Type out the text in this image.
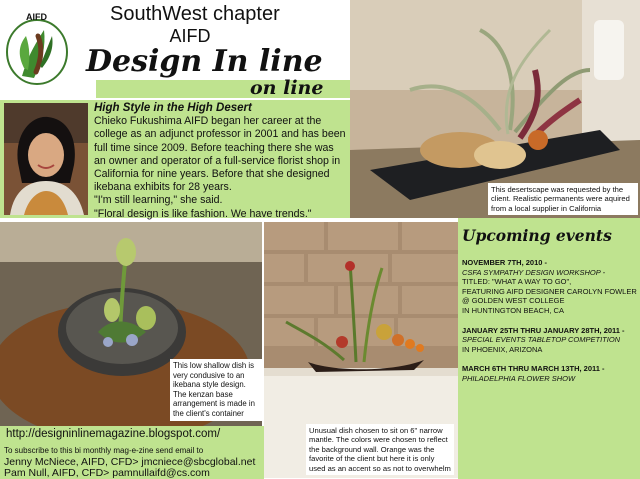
AIFD	SouthWest chapter
AIFD
Design In line
on line
High Style in the High Desert
Chieko Fukushima AIFD began her career at the college as an adjunct professor in 2001 and has been full time since 2009. Before teaching there she was an owner and operator of a full-service florist shop in California for nine years. Before that she designed ikebana exhibits for 28 years.
"I'm still learning," she said.
"Floral design is like fashion. We have trends."
This desertscape was requested by the client. Realistic permanents were aquired from a local supplier in California
This low shallow dish is very condusive to an ikebana style design. The kenzan base arrangement is made in the client's container
Unusual dish chosen to sit on 6" narrow mantle. The colors were chosen to reflect the background wall. Orange was the favorite of the client but here it is only used as an accent so as not to overwhelm
Upcoming events
NOVEMBER 7TH, 2010 -
CSFA SYMPATHY DESIGN WORKSHOP -
TITLED: "WHAT A WAY TO GO",
FEATURING AIFD DESIGNER CAROLYN FOWLER @ GOLDEN WEST COLLEGE
IN HUNTINGTON BEACH, CA
JANUARY 25TH THRU JANUARY 28TH, 2011 -
SPECIAL EVENTS TABLETOP COMPETITION
IN PHOENIX, ARIZONA
MARCH 6TH THRU MARCH 13TH, 2011 -
PHILADELPHIA FLOWER SHOW
http://designinlinemagazine.blogspot.com/
To subscribe to this bi monthly mag-e-zine send email to
Jenny McNiece, AIFD, CFD> jmcniece@sbcglobal.net
Pam Null, AIFD, CFD> pamnullaifd@cs.com
